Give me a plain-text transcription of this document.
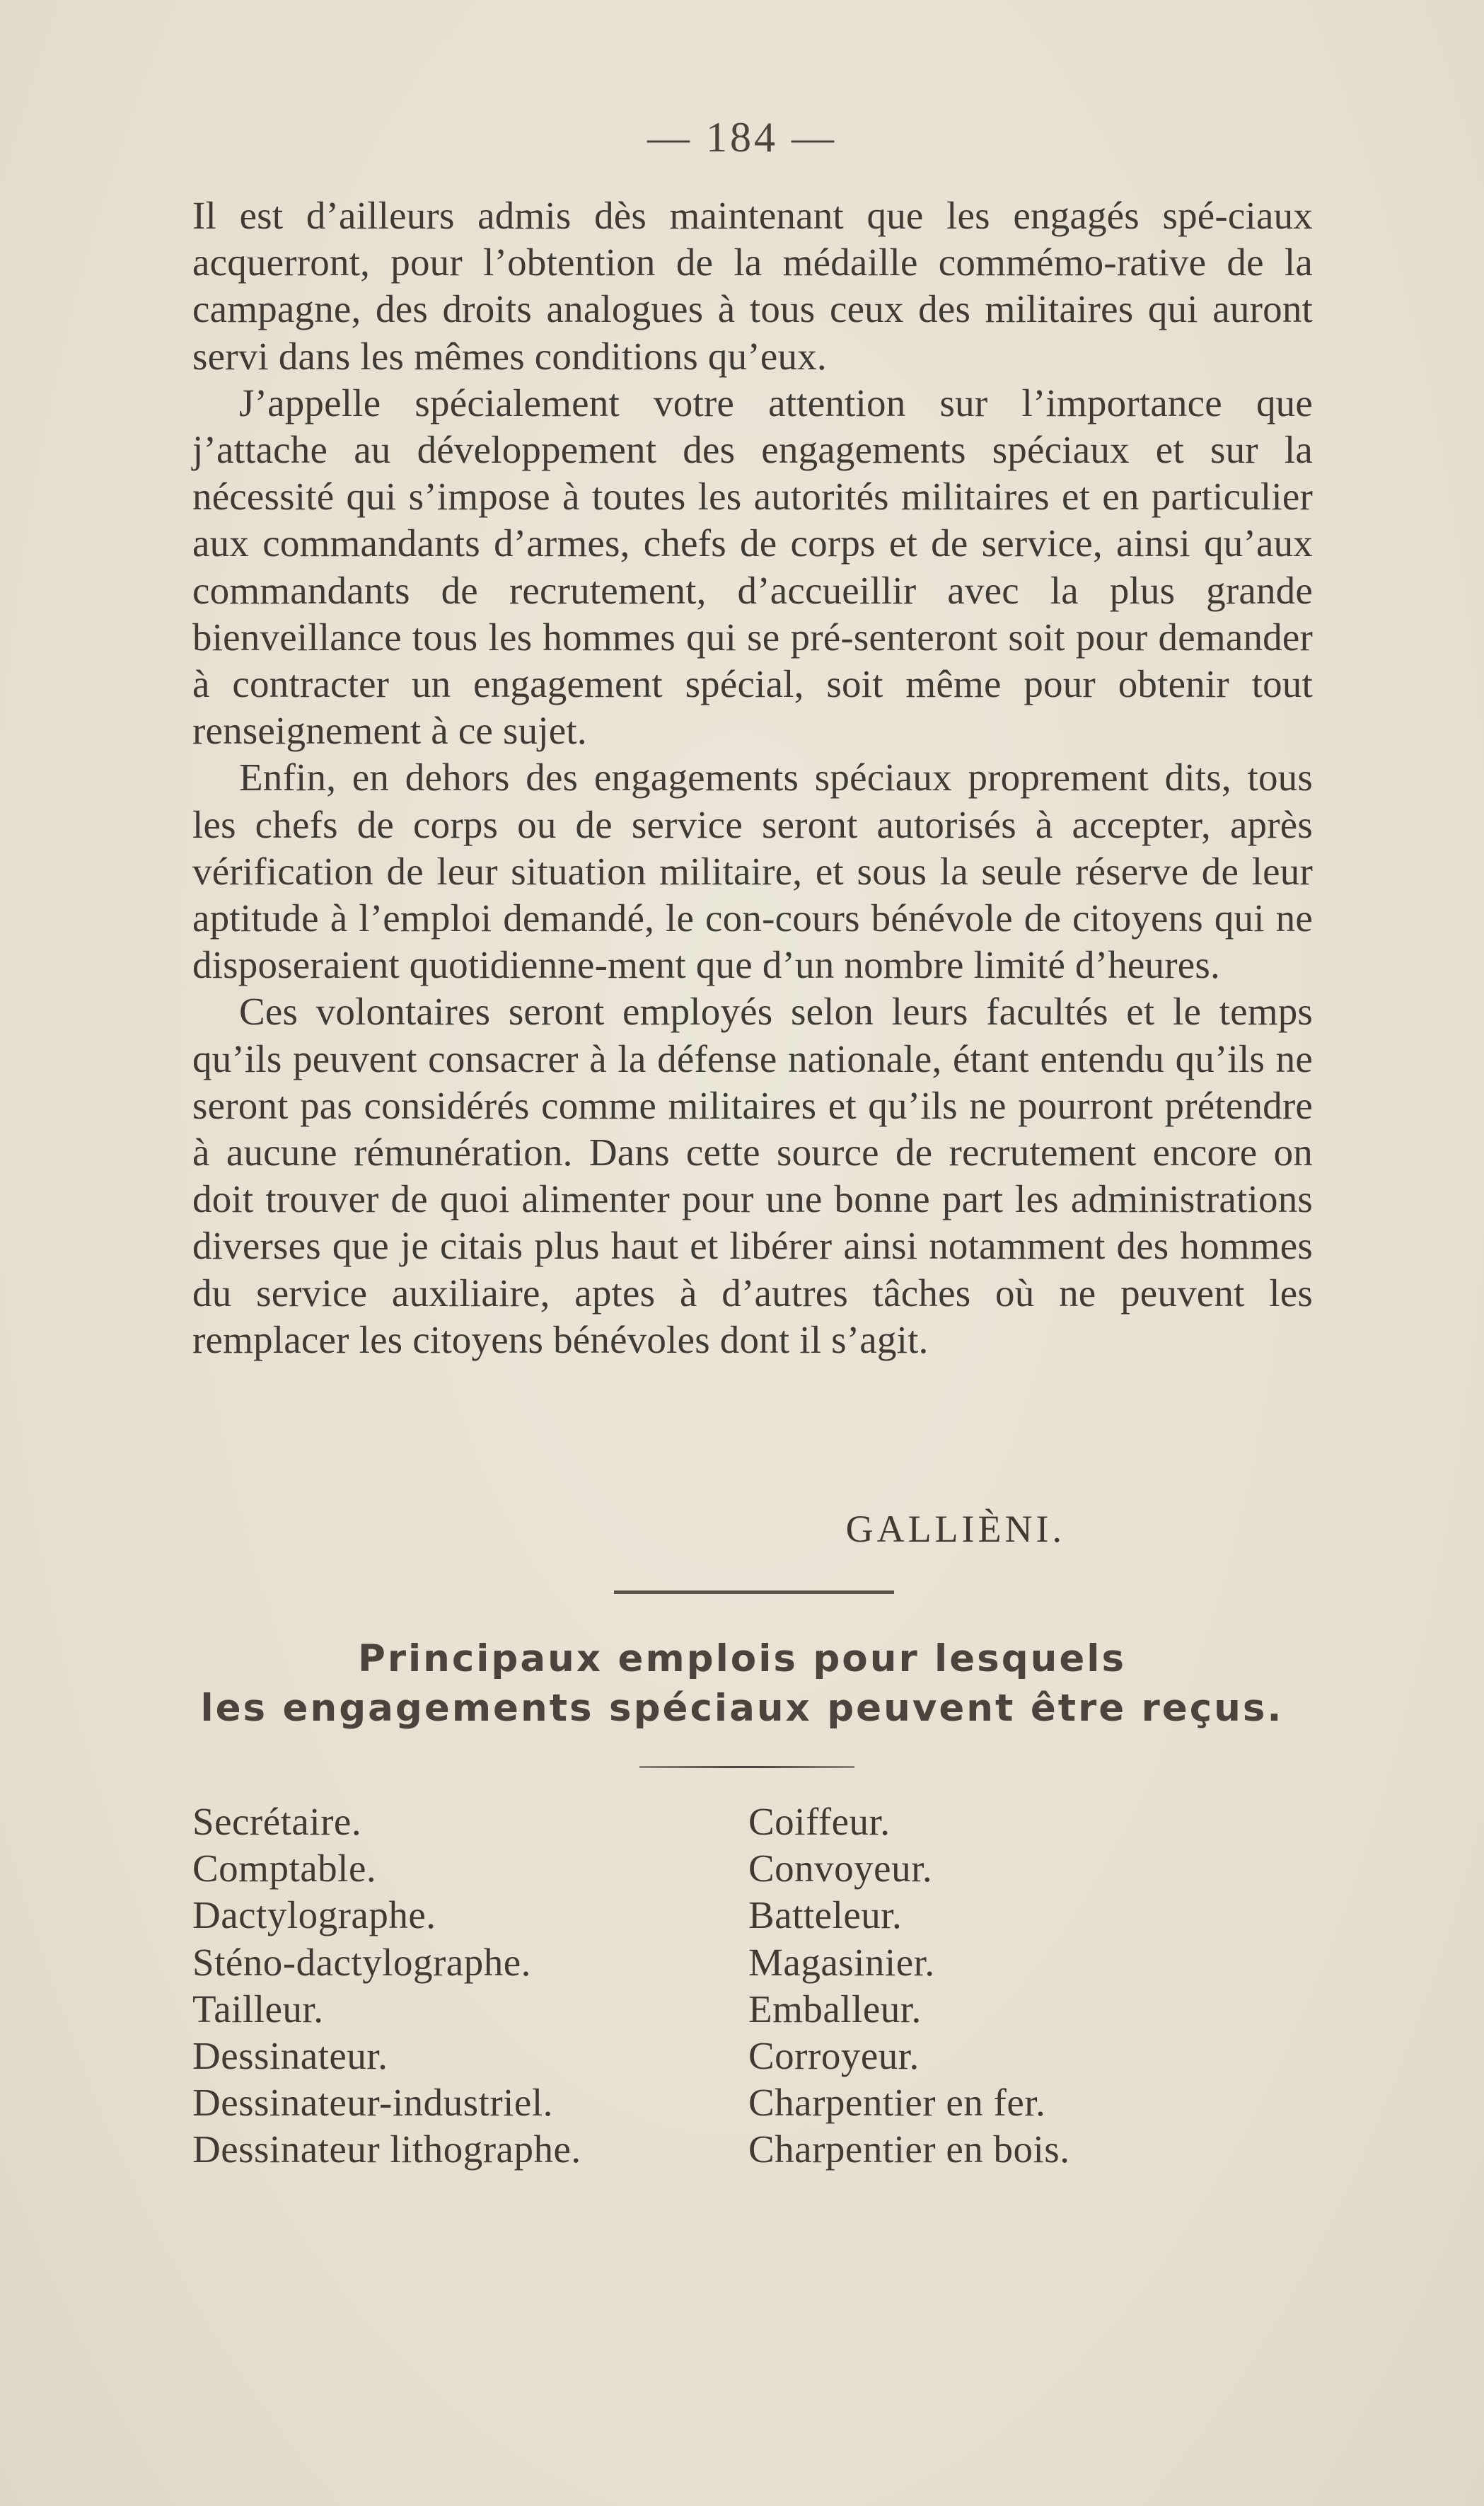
— 184 —

Il est d’ailleurs admis dès maintenant que les engagés spé-ciaux acquerront, pour l’obtention de la médaille commémo-rative de la campagne, des droits analogues à tous ceux des militaires qui auront servi dans les mêmes conditions qu’eux.

J’appelle spécialement votre attention sur l’importance que j’attache au développement des engagements spéciaux et sur la nécessité qui s’impose à toutes les autorités militaires et en particulier aux commandants d’armes, chefs de corps et de service, ainsi qu’aux commandants de recrutement, d’accueillir avec la plus grande bienveillance tous les hommes qui se pré-senteront soit pour demander à contracter un engagement spécial, soit même pour obtenir tout renseignement à ce sujet.

Enfin, en dehors des engagements spéciaux proprement dits, tous les chefs de corps ou de service seront autorisés à accepter, après vérification de leur situation militaire, et sous la seule réserve de leur aptitude à l’emploi demandé, le con-cours bénévole de citoyens qui ne disposeraient quotidienne-ment que d’un nombre limité d’heures.

Ces volontaires seront employés selon leurs facultés et le temps qu’ils peuvent consacrer à la défense nationale, étant entendu qu’ils ne seront pas considérés comme militaires et qu’ils ne pourront prétendre à aucune rémunération. Dans cette source de recrutement encore on doit trouver de quoi alimenter pour une bonne part les administrations diverses que je citais plus haut et libérer ainsi notamment des hommes du service auxiliaire, aptes à d’autres tâches où ne peuvent les remplacer les citoyens bénévoles dont il s’agit.

GALLIÈNI.
Principaux emplois pour lesquels
les engagements spéciaux peuvent être reçus.
Secrétaire.
Comptable.
Dactylographe.
Sténo-dactylographe.
Tailleur.
Dessinateur.
Dessinateur-industriel.
Dessinateur lithographe.
Coiffeur.
Convoyeur.
Batteleur.
Magasinier.
Emballeur.
Corroyeur.
Charpentier en fer.
Charpentier en bois.
